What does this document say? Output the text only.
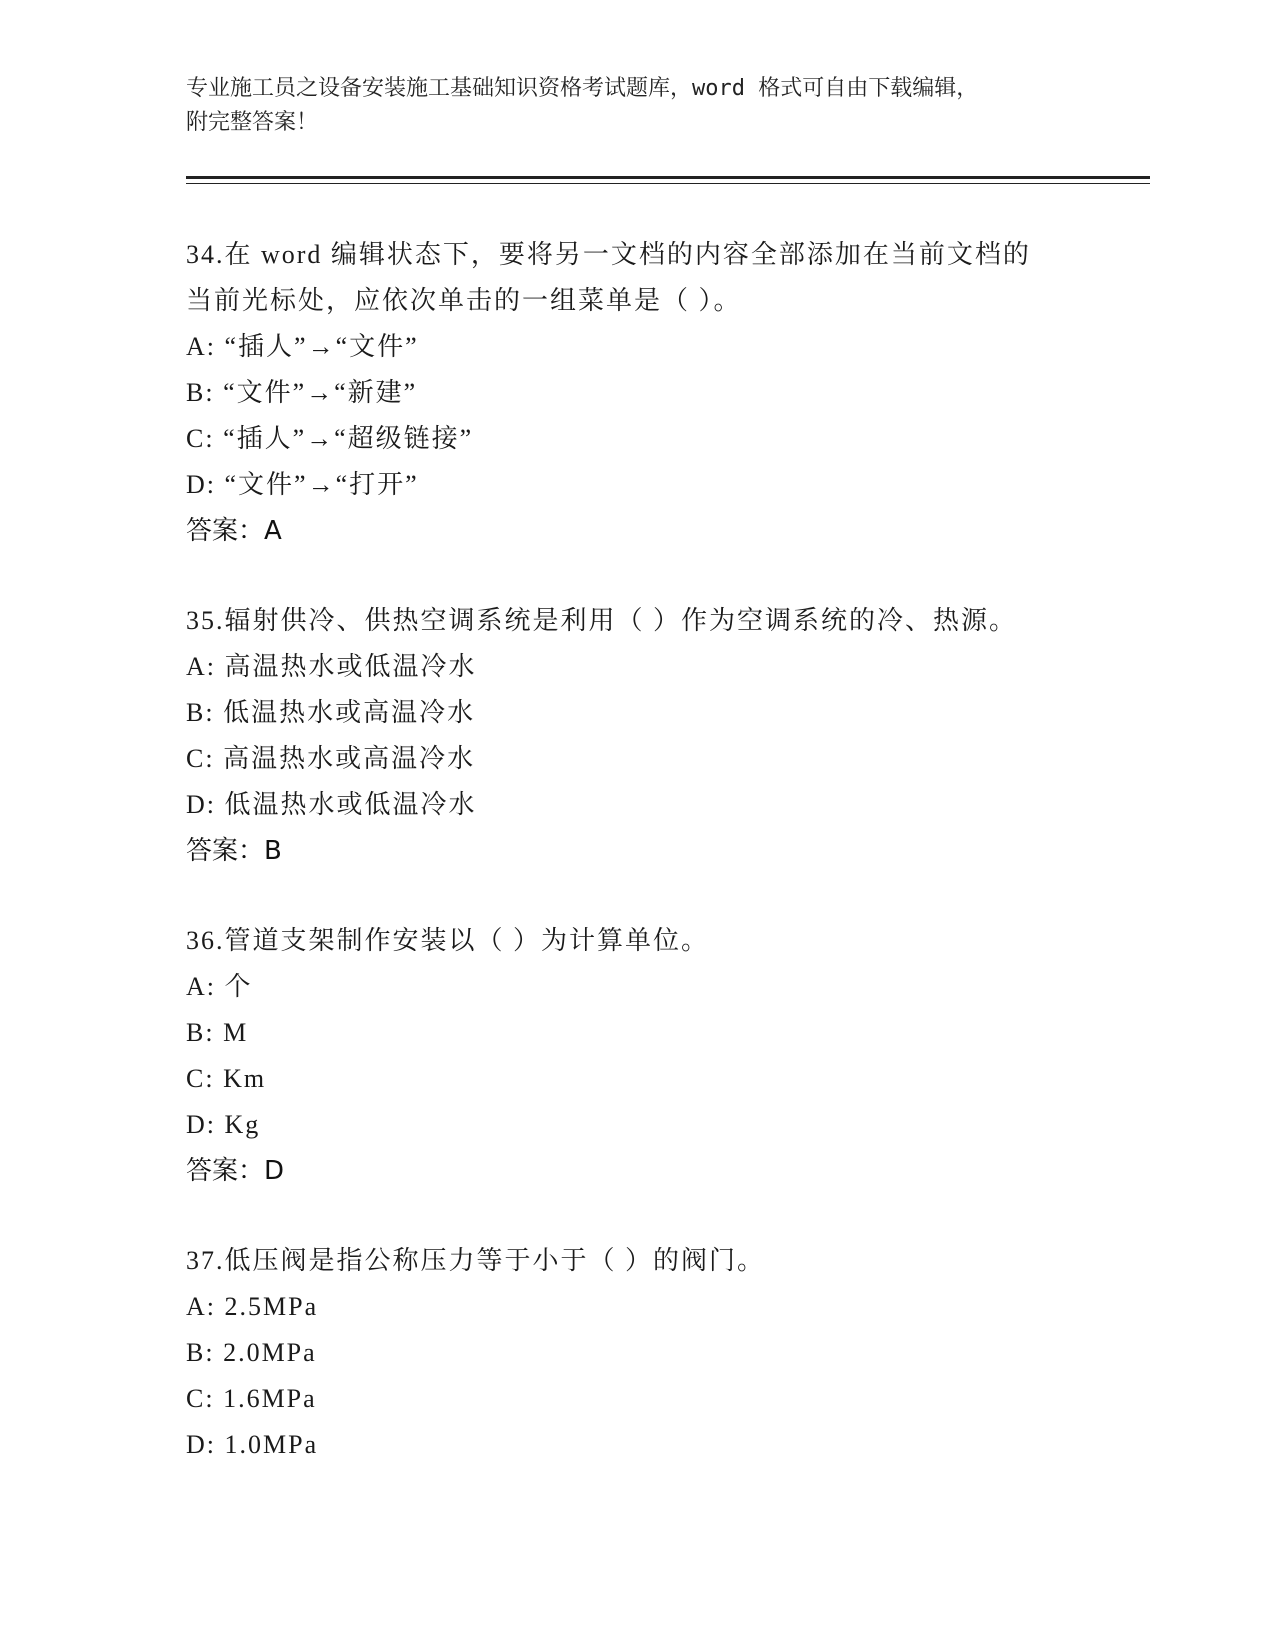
专业施工员之设备安装施工基础知识资格考试题库，word 格式可自由下载编辑，
附完整答案！

34.在 word 编辑状态下，要将另一文档的内容全部添加在当前文档的

当前光标处，应依次单击的一组菜单是（ ）。

A: “插人”→“文件”

B: “文件”→“新建”

C: “插人”→“超级链接”

D: “文件”→“打开”

答案：A

35.辐射供冷、供热空调系统是利用（ ）作为空调系统的冷、热源。

A: 高温热水或低温冷水

B: 低温热水或高温冷水

C: 高温热水或高温冷水

D: 低温热水或低温冷水

答案：B

36.管道支架制作安装以（ ）为计算单位。

A: 个

B: M

C: Km

D: Kg

答案：D

37.低压阀是指公称压力等于小于（ ）的阀门。

A: 2.5MPa

B: 2.0MPa

C: 1.6MPa

D: 1.0MPa
